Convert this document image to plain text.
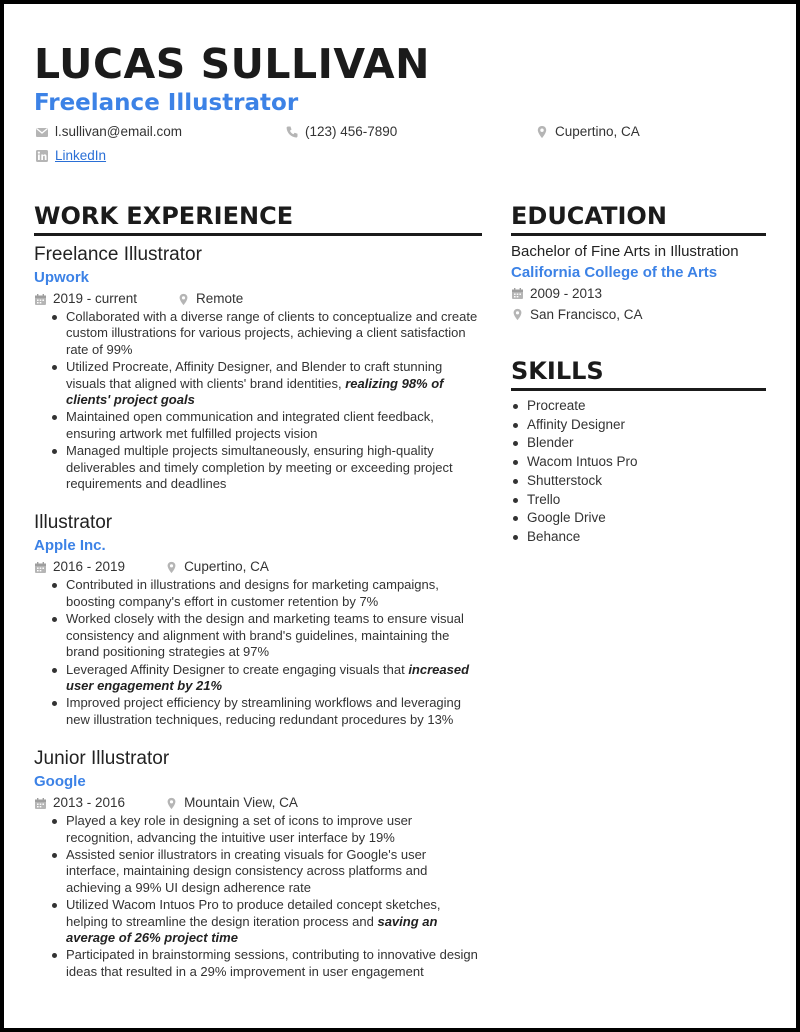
LUCAS SULLIVAN
Freelance Illustrator
l.sullivan@email.com	(123) 456-7890	Cupertino, CA
LinkedIn
WORK EXPERIENCE
Freelance Illustrator
Upwork
2019 - current	Remote
Collaborated with a diverse range of clients to conceptualize and create custom illustrations for various projects, achieving a client satisfaction rate of 99%
Utilized Procreate, Affinity Designer, and Blender to craft stunning visuals that aligned with clients' brand identities, realizing 98% of clients' project goals
Maintained open communication and integrated client feedback, ensuring artwork met fulfilled projects vision
Managed multiple projects simultaneously, ensuring high-quality deliverables and timely completion by meeting or exceeding project requirements and deadlines
Illustrator
Apple Inc.
2016 - 2019	Cupertino, CA
Contributed in illustrations and designs for marketing campaigns, boosting company's effort in customer retention by 7%
Worked closely with the design and marketing teams to ensure visual consistency and alignment with brand's guidelines, maintaining the brand positioning strategies at 97%
Leveraged Affinity Designer to create engaging visuals that increased user engagement by 21%
Improved project efficiency by streamlining workflows and leveraging new illustration techniques, reducing redundant procedures by 13%
Junior Illustrator
Google
2013 - 2016	Mountain View, CA
Played a key role in designing a set of icons to improve user recognition, advancing the intuitive user interface by 19%
Assisted senior illustrators in creating visuals for Google's user interface, maintaining design consistency across platforms and achieving a 99% UI design adherence rate
Utilized Wacom Intuos Pro to produce detailed concept sketches, helping to streamline the design iteration process and saving an average of 26% project time
Participated in brainstorming sessions, contributing to innovative design ideas that resulted in a 29% improvement in user engagement
EDUCATION
Bachelor of Fine Arts in Illustration
California College of the Arts
2009 - 2013
San Francisco, CA
SKILLS
Procreate
Affinity Designer
Blender
Wacom Intuos Pro
Shutterstock
Trello
Google Drive
Behance
